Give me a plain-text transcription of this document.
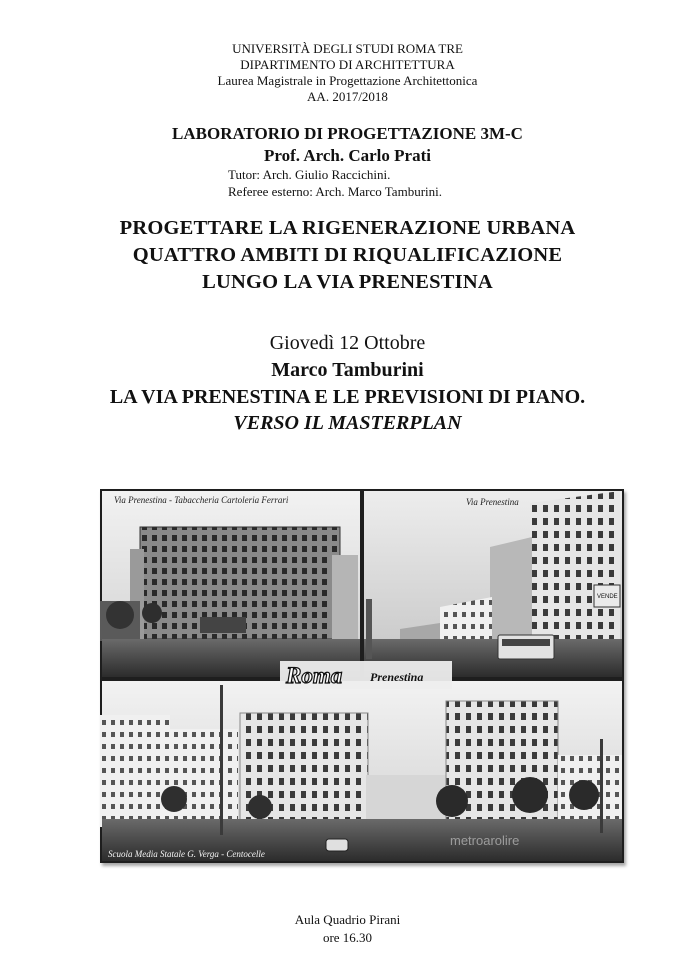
UNIVERSITÀ DEGLI STUDI ROMA TRE
DIPARTIMENTO DI ARCHITETTURA
Laurea Magistrale in Progettazione Architettonica
AA. 2017/2018
LABORATORIO DI PROGETTAZIONE 3M-C
Prof. Arch. Carlo Prati
Tutor: Arch. Giulio Raccichini.
Referee esterno: Arch. Marco Tamburini.
PROGETTARE LA RIGENERAZIONE URBANA
QUATTRO AMBITI DI RIQUALIFICAZIONE
LUNGO LA VIA PRENESTINA
Giovedì 12 Ottobre
Marco Tamburini
LA VIA PRENESTINA E LE PREVISIONI DI PIANO.
VERSO IL MASTERPLAN
VENDE
metroarolire
Via Prenestina - Tabaccheria Cartoleria Ferrari	Via Prenestina
Scuola Media Statale G. Verga - Centocelle
Roma Prenestina
Aula Quadrio Pirani
ore 16.30
